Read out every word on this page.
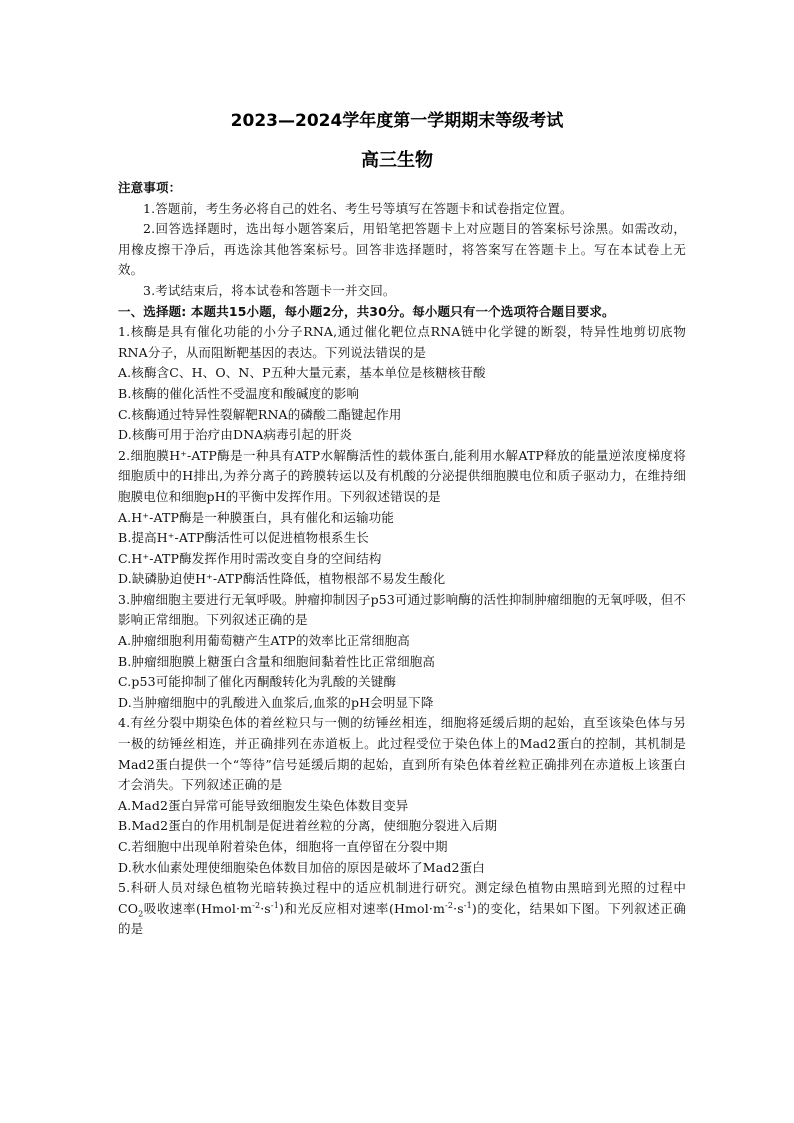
2023—2024学年度第一学期期末等级考试
高三生物

注意事项：

1.答题前，考生务必将自己的姓名、考生号等填写在答题卡和试卷指定位置。

2.回答选择题时，选出每小题答案后，用铅笔把答题卡上对应题目的答案标号涂黑。如需改动，用橡皮擦干净后，再选涂其他答案标号。回答非选择题时，将答案写在答题卡上。写在本试卷上无效。

3.考试结束后，将本试卷和答题卡一并交回。

一、选择题: 本题共15小题，每小题2分，共30分。每小题只有一个选项符合题目要求。

1.核酶是具有催化功能的小分子RNA,通过催化靶位点RNA链中化学键的断裂，特异性地剪切底物RNA分子，从而阻断靶基因的表达。下列说法错误的是

A.核酶含C、H、O、N、P五种大量元素，基本单位是核糖核苷酸

B.核酶的催化活性不受温度和酸碱度的影响

C.核酶通过特异性裂解靶RNA的磷酸二酯键起作用

D.核酶可用于治疗由DNA病毒引起的肝炎

2.细胞膜H⁺-ATP酶是一种具有ATP水解酶活性的载体蛋白,能利用水解ATP释放的能量逆浓度梯度将细胞质中的H排出,为养分离子的跨膜转运以及有机酸的分泌提供细胞膜电位和质子驱动力，在维持细胞膜电位和细胞pH的平衡中发挥作用。下列叙述错误的是

A.H⁺-ATP酶是一种膜蛋白，具有催化和运输功能

B.提高H⁺-ATP酶活性可以促进植物根系生长

C.H⁺-ATP酶发挥作用时需改变自身的空间结构

D.缺磷胁迫使H⁺-ATP酶活性降低，植物根部不易发生酸化

3.肿瘤细胞主要进行无氧呼吸。肿瘤抑制因子p53可通过影响酶的活性抑制肿瘤细胞的无氧呼吸，但不影响正常细胞。下列叙述正确的是

A.肿瘤细胞利用葡萄糖产生ATP的效率比正常细胞高

B.肿瘤细胞膜上糖蛋白含量和细胞间黏着性比正常细胞高

C.p53可能抑制了催化丙酮酸转化为乳酸的关键酶

D.当肿瘤细胞中的乳酸进入血浆后,血浆的pH会明显下降

4.有丝分裂中期染色体的着丝粒只与一侧的纺锤丝相连，细胞将延缓后期的起始，直至该染色体与另一极的纺锤丝相连，并正确排列在赤道板上。此过程受位于染色体上的Mad2蛋白的控制，其机制是Mad2蛋白提供一个“等待”信号延缓后期的起始，直到所有染色体着丝粒正确排列在赤道板上该蛋白才会消失。下列叙述正确的是

A.Mad2蛋白异常可能导致细胞发生染色体数目变异

B.Mad2蛋白的作用机制是促进着丝粒的分离，使细胞分裂进入后期

C.若细胞中出现单附着染色体，细胞将一直停留在分裂中期

D.秋水仙素处理使细胞染色体数目加倍的原因是破坏了Mad2蛋白

5.科研人员对绿色植物光暗转换过程中的适应机制进行研究。测定绿色植物由黑暗到光照的过程中$CO_2$吸收速率$(Hmol\cdot m^{-2}\cdot s^{-1})$和光反应相对速率$(Hmol\cdot m^{-2}\cdot s^{-1})$的变化，结果如下图。下列叙述正确的是
